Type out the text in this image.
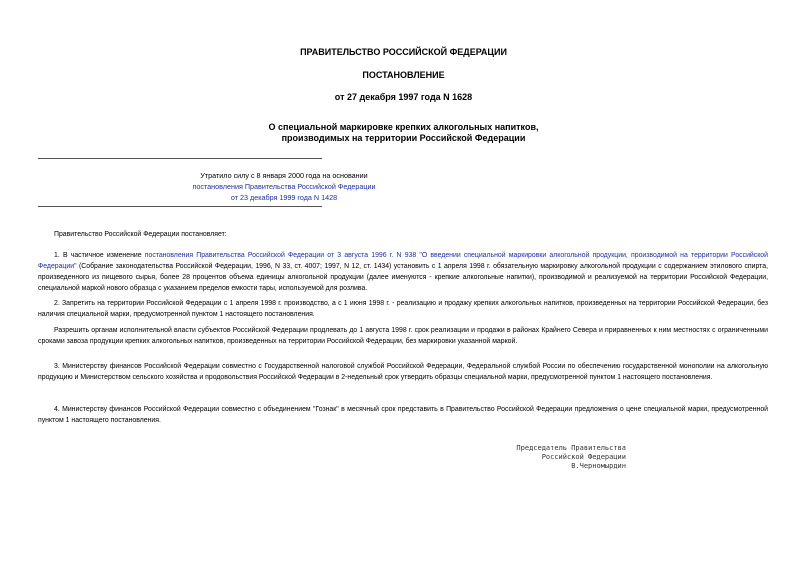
ПРАВИТЕЛЬСТВО РОССИЙСКОЙ ФЕДЕРАЦИИ
ПОСТАНОВЛЕНИЕ
от 27 декабря 1997 года N 1628
О специальной маркировке крепких алкогольных напитков,
производимых на территории Российской Федерации
Утратило силу с 8 января 2000 года на основании
постановления Правительства Российской Федерации
от 23 декабря 1999 года N 1428

Правительство Российской Федерации постановляет:

1. В частичное изменение постановления Правительства Российской Федерации от 3 августа 1996 г. N 938 "О введении специальной маркировки алкогольной продукции, производимой на территории Российской Федерации" (Собрание законодательства Российской Федерации, 1996, N 33, ст. 4007; 1997, N 12, ст. 1434) установить с 1 апреля 1998 г. обязательную маркировку алкогольной продукции с содержанием этилового спирта, произведенного из пищевого сырья, более 28 процентов объема единицы алкогольной продукции (далее именуются - крепкие алкогольные напитки), производимой и реализуемой на территории Российской Федерации, специальной маркой нового образца с указанием пределов емкости тары, используемой для розлива.

2. Запретить на территории Российской Федерации с 1 апреля 1998 г. производство, а с 1 июня 1998 г. - реализацию и продажу крепких алкогольных напитков, произведенных на территории Российской Федерации, без наличия специальной марки, предусмотренной пунктом 1 настоящего постановления.

Разрешить органам исполнительной власти субъектов Российской Федерации продлевать до 1 августа 1998 г. срок реализации и продажи в районах Крайнего Севера и приравненных к ним местностях с ограниченными сроками завоза продукции крепких алкогольных напитков, произведенных на территории Российской Федерации, без маркировки указанной маркой.

3. Министерству финансов Российской Федерации совместно с Государственной налоговой службой Российской Федерации, Федеральной службой России по обеспечению государственной монополии на алкогольную продукцию и Министерством сельского хозяйства и продовольствия Российской Федерации в 2-недельный срок утвердить образцы специальной марки, предусмотренной пунктом 1 настоящего постановления.

4. Министерству финансов Российской Федерации совместно с объединением "Гознак" в месячный срок представить в Правительство Российской Федерации предложения о цене специальной марки, предусмотренной пунктом 1 настоящего постановления.

Председатель Правительства
Российской Федерации
В.Черномырдин
